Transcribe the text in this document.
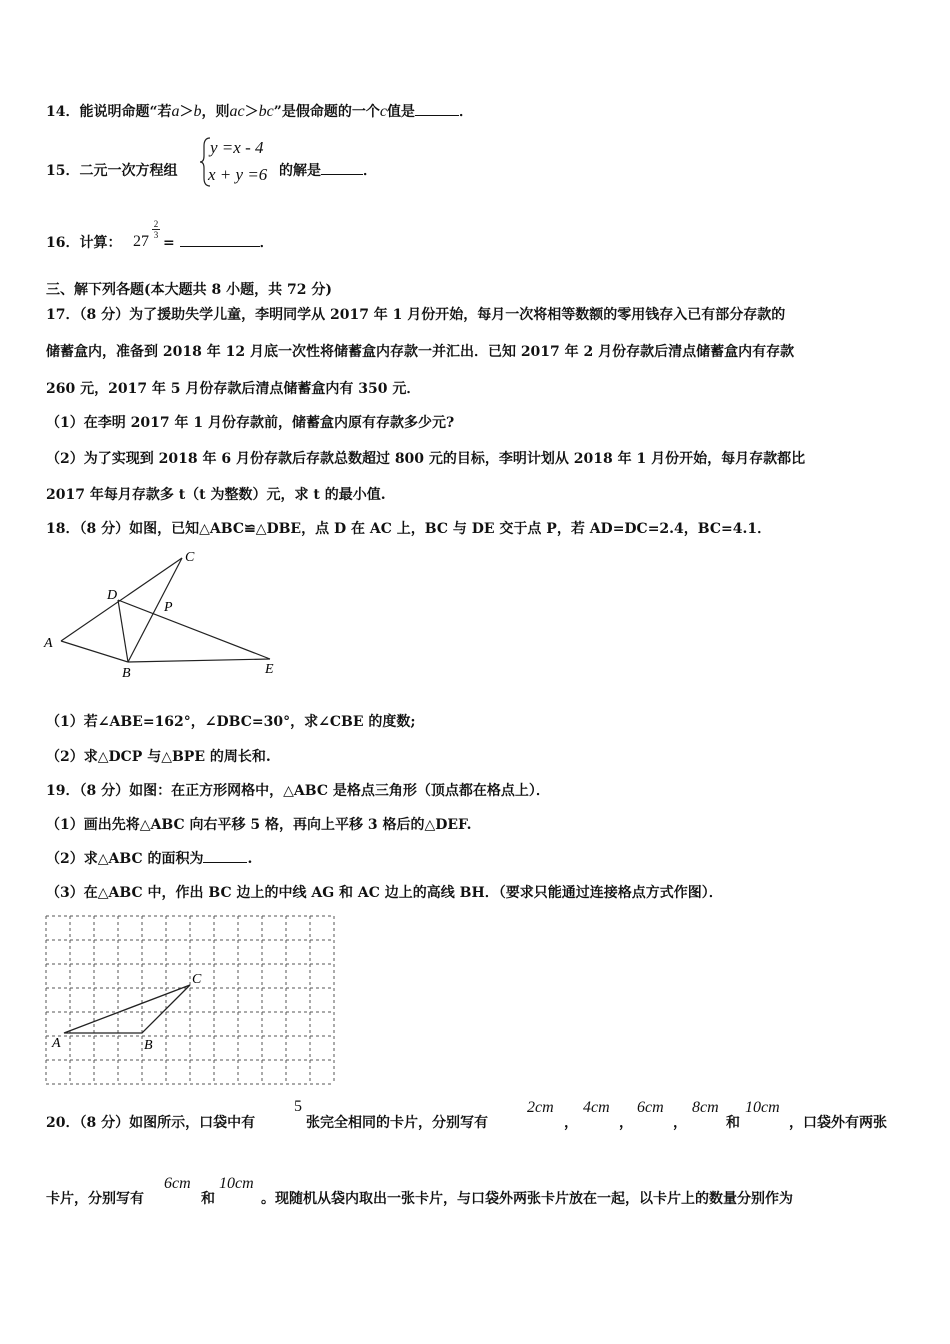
14．能说明命题“若a＞b，则ac＞bc”是假命题的一个c值是	．
15．二元一次方程组
y =x - 4
x + y =6 的解是	．
16．计算： 27
$\frac{2}{3}$
=	．
三、解下列各题(本大题共 8 小题，共 72 分)
17．（8 分）为了援助失学儿童，李明同学从 2017 年 1 月份开始，每月一次将相等数额的零用钱存入已有部分存款的
储蓄盒内，准备到 2018 年 12 月底一次性将储蓄盒内存款一并汇出．已知 2017 年 2 月份存款后清点储蓄盒内有存款
260 元，2017 年 5 月份存款后清点储蓄盒内有 350 元．
（1）在李明 2017 年 1 月份存款前，储蓄盒内原有存款多少元?
（2）为了实现到 2018 年 6 月份存款后存款总数超过 800 元的目标，李明计划从 2018 年 1 月份开始，每月存款都比
2017 年每月存款多 t（t 为整数）元，求 t 的最小值.
18．（8 分）如图，已知△ABC≌△DBE，点 D 在 AC 上，BC 与 DE 交于点 P，若 AD=DC=2.4，BC=4.1．
A
B
C
D
E
P
（1）若∠ABE=162°，∠DBC=30°，求∠CBE 的度数;
（2）求△DCP 与△BPE 的周长和.
19．（8 分）如图：在正方形网格中，△ABC 是格点三角形（顶点都在格点上）．
（1）画出先将△ABC 向右平移 5 格，再向上平移 3 格后的△DEF.
（2）求△ABC 的面积为	.
（3）在△ABC 中，作出 BC 边上的中线 AG 和 AC 边上的高线 BH．（要求只能通过连接格点方式作图）．
A	B
C
20．（8 分）如图所示，口袋中有
5
张完全相同的卡片，分别写有
2cm
，
4cm
，
6cm
，
8cm
和
10cm
，口袋外有两张
卡片，分别写有
6cm
和
10cm
。现随机从袋内取出一张卡片，与口袋外两张卡片放在一起，以卡片上的数量分别作为
